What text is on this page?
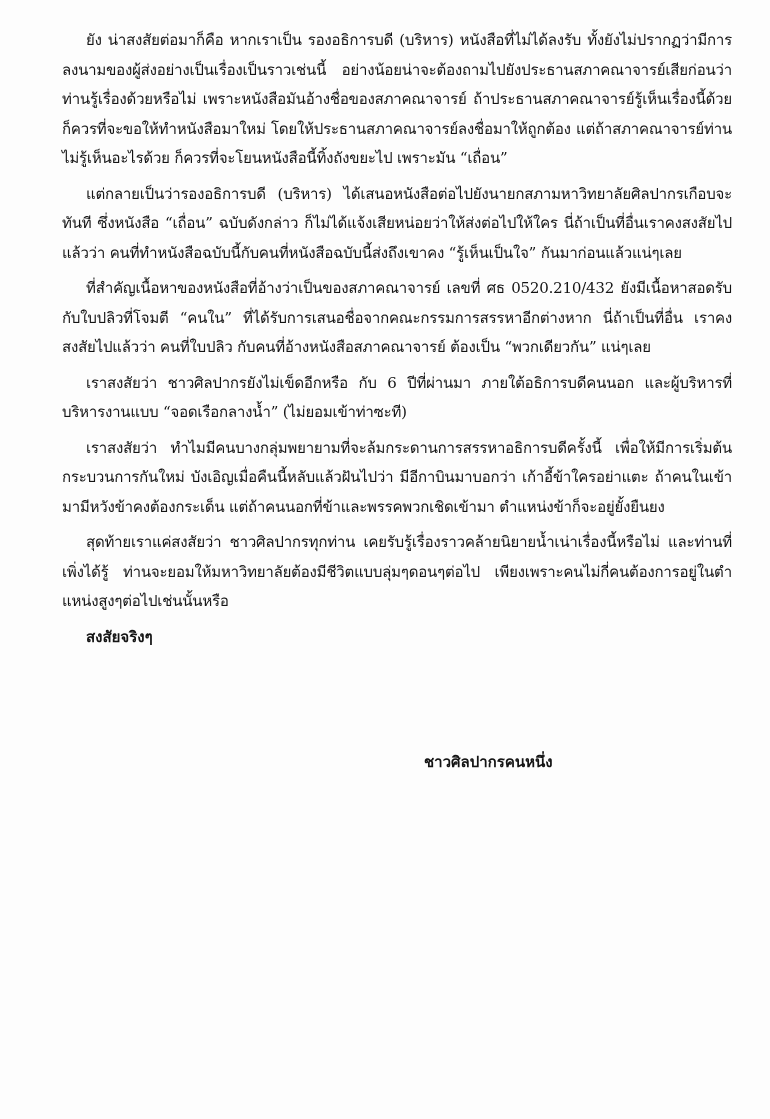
ยัง น่าสงสัยต่อมาก็คือ หากเราเป็น รองอธิการบดี (บริหาร) หนังสือที่ไม่ได้ลงรับ ทั้งยังไม่ปรากฏว่ามีการลงนามของผู้ส่งอย่างเป็นเรื่องเป็นราวเช่นนี้ อย่างน้อยน่าจะต้องถามไปยังประธานสภาคณาจารย์เสียก่อนว่าท่านรู้เรื่องด้วยหรือไม่ เพราะหนังสือมันอ้างชื่อของสภาคณาจารย์ ถ้าประธานสภาคณาจารย์รู้เห็นเรื่องนี้ด้วยก็ควรที่จะขอให้ทำหนังสือมาใหม่ โดยให้ประธานสภาคณาจารย์ลงชื่อมาให้ถูกต้อง แต่ถ้าสภาคณาจารย์ท่านไม่รู้เห็นอะไรด้วย ก็ควรที่จะโยนหนังสือนี้ทิ้งถังขยะไป เพราะมัน “เถื่อน”

แต่กลายเป็นว่ารองอธิการบดี (บริหาร) ได้เสนอหนังสือต่อไปยังนายกสภามหาวิทยาลัยศิลปากรเกือบจะทันที ซึ่งหนังสือ “เถื่อน” ฉบับดังกล่าว ก็ไม่ได้แจ้งเสียหน่อยว่าให้ส่งต่อไปให้ใคร นี่ถ้าเป็นที่อื่นเราคงสงสัยไปแล้วว่า คนที่ทำหนังสือฉบับนี้กับคนที่หนังสือฉบับนี้ส่งถึงเขาคง “รู้เห็นเป็นใจ” กันมาก่อนแล้วแน่ๆเลย

ที่สำคัญเนื้อหาของหนังสือที่อ้างว่าเป็นของสภาคณาจารย์ เลขที่ ศธ 0520.210/432 ยังมีเนื้อหาสอดรับกับใบปลิวที่โจมตี “คนใน” ที่ได้รับการเสนอชื่อจากคณะกรรมการสรรหาอีกต่างหาก นี่ถ้าเป็นที่อื่น เราคงสงสัยไปแล้วว่า คนที่ใบปลิว กับคนที่อ้างหนังสือสภาคณาจารย์ ต้องเป็น “พวกเดียวกัน” แน่ๆเลย

เราสงสัยว่า ชาวศิลปากรยังไม่เข็ดอีกหรือ กับ 6 ปีที่ผ่านมา ภายใต้อธิการบดีคนนอก และผู้บริหารที่บริหารงานแบบ “จอดเรือกลางน้ำ” (ไม่ยอมเข้าท่าซะที)

เราสงสัยว่า ทำไมมีคนบางกลุ่มพยายามที่จะล้มกระดานการสรรหาอธิการบดีครั้งนี้ เพื่อให้มีการเริ่มต้นกระบวนการกันใหม่ บังเอิญเมื่อคืนนี้หลับแล้วฝันไปว่า มีอีกาบินมาบอกว่า เก้าอี้ข้าใครอย่าแตะ ถ้าคนในเข้ามามีหวังข้าคงต้องกระเด็น แต่ถ้าคนนอกที่ข้าและพรรคพวกเชิดเข้ามา ตำแหน่งข้าก็จะอยู่ยั้งยืนยง

สุดท้ายเราแค่สงสัยว่า ชาวศิลปากรทุกท่าน เคยรับรู้เรื่องราวคล้ายนิยายน้ำเน่าเรื่องนี้หรือไม่ และท่านที่เพิ่งได้รู้ ท่านจะยอมให้มหาวิทยาลัยต้องมีชีวิตแบบลุ่มๆดอนๆต่อไป เพียงเพราะคนไม่กี่คนต้องการอยู่ในตำแหน่งสูงๆต่อไปเช่นนั้นหรือ

สงสัยจริงๆ

ชาวศิลปากรคนหนึ่ง
